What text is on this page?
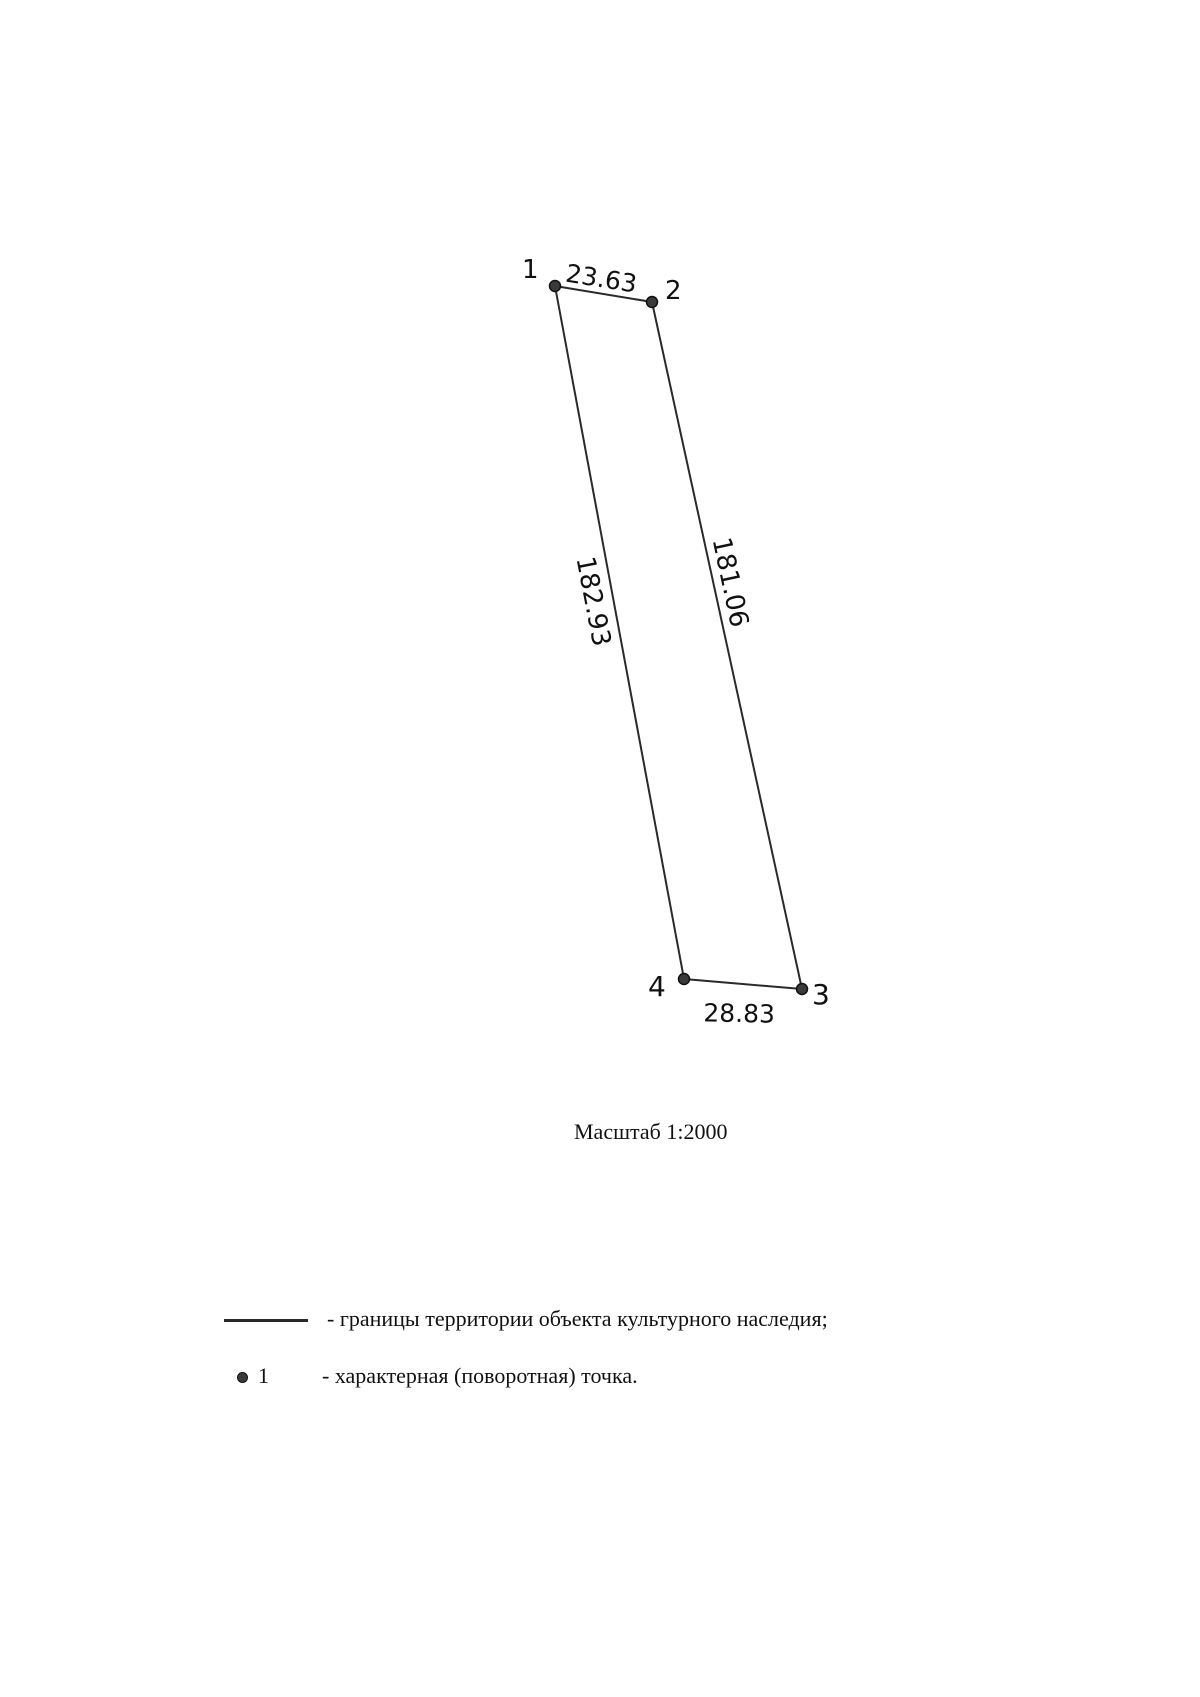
1
2
3
4
23.63
181.06
28.83
182.93
Масштаб 1:2000
- границы территории объекта культурного наследия;
1 - характерная (поворотная) точка.
